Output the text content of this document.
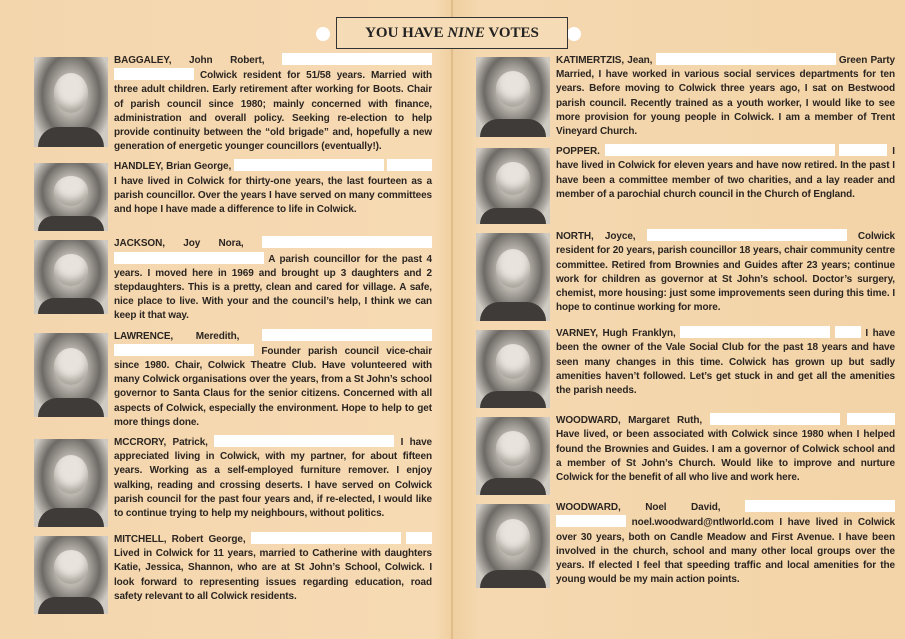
YOU HAVE NINE VOTES
BAGGALEY, John Robert,   Colwick resident for 51/58 years. Married with three adult children. Early retirement after working for Boots. Chair of parish council since 1980; mainly concerned with finance, administration and overall policy. Seeking re-election to help provide continuity between the “old brigade” and, hopefully a new generation of energetic younger councillors (eventually!).
HANDLEY, Brian George,   I have lived in Colwick for thirty-one years, the last fourteen as a parish councillor. Over the years I have served on many committees and hope I have made a difference to life in Colwick.
JACKSON, Joy Nora,   A parish councillor for the past 4 years. I moved here in 1969 and brought up 3 daughters and 2 stepdaughters. This is a pretty, clean and cared for village. A safe, nice place to live. With your and the council’s help, I think we can keep it that way.
LAWRENCE, Meredith,   Founder parish council vice-chair since 1980. Chair, Colwick Theatre Club. Have volunteered with many Colwick organisations over the years, from a St John’s school governor to Santa Claus for the senior citizens. Concerned with all aspects of Colwick, especially the environment. Hope to help to get more things done.
MCCRORY, Patrick,	I have appreciated living in Colwick, with my partner, for about fifteen years. Working as a self-employed furniture remover. I enjoy walking, reading and crossing deserts. I have served on Colwick parish council for the past four years and, if re-elected, I would like to continue trying to help my neighbours, without politics.
MITCHELL, Robert George,   Lived in Colwick for 11 years, married to Catherine with daughters Katie, Jessica, Shannon, who are at St John’s School, Colwick. I look forward to representing issues regarding education, road safety relevant to all Colwick residents.
KATIMERTZIS, Jean,	Green Party Married, I have worked in various social services departments for ten years. Before moving to Colwick three years ago, I sat on Bestwood parish council. Recently trained as a youth worker, I would like to see more provision for young people in Colwick. I am a member of Trent Vineyard Church.
POPPER.	I have lived in Colwick for eleven years and have now retired. In the past I have been a committee member of two charities, and a lay reader and member of a parochial church council in the Church of England.
NORTH, Joyce,	Colwick resident for 20 years, parish councillor 18 years, chair community centre committee. Retired from Brownies and Guides after 23 years; continue work for children as governor at St John’s school. Doctor’s surgery, chemist, more housing: just some improvements seen during this time. I hope to continue working for more.
VARNEY, Hugh Franklyn,	I have been the owner of the Vale Social Club for the past 18 years and have seen many changes in this time. Colwick has grown up but sadly amenities haven’t followed. Let’s get stuck in and get all the amenities the parish needs.
WOODWARD, Margaret Ruth,   Have lived, or been associated with Colwick since 1980 when I helped found the Brownies and Guides. I am a governor of Colwick school and a member of St John’s Church. Would like to improve and nurture Colwick for the benefit of all who live and work here.
WOODWARD, Noel David,   noel.woodward@ntlworld.com I have lived in Colwick over 30 years, both on Candle Meadow and First Avenue. I have been involved in the church, school and many other local groups over the years. If elected I feel that speeding traffic and local amenities for the young would be my main action points.
